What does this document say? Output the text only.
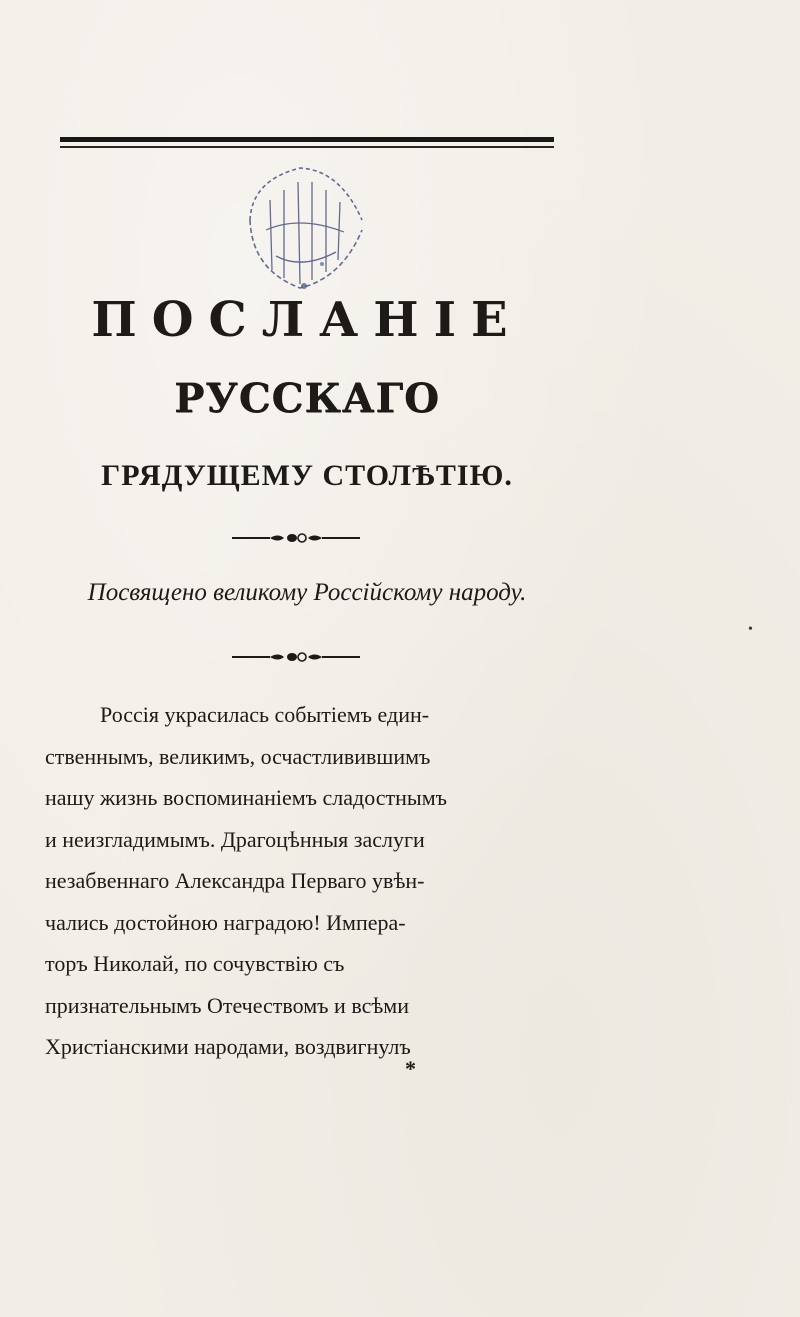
ПОСЛАНІЕ
РУССКАГО
ГРЯДУЩЕМУ СТОЛѢТІЮ.
Посвящено великому Россійскому народу.
Россія украсилась событіемъ един-
ственнымъ, великимъ, осчастливившимъ
нашу жизнь воспоминаніемъ сладостнымъ
и неизгладимымъ. Драгоцѣнныя заслуги
незабвеннаго Александра Перваго увѣн-
чались достойною наградою! Импера-
торъ Николай, по сочувствію съ
признательнымъ Отечествомъ и всѣми
Христіанскими народами, воздвигнулъ
*
•
